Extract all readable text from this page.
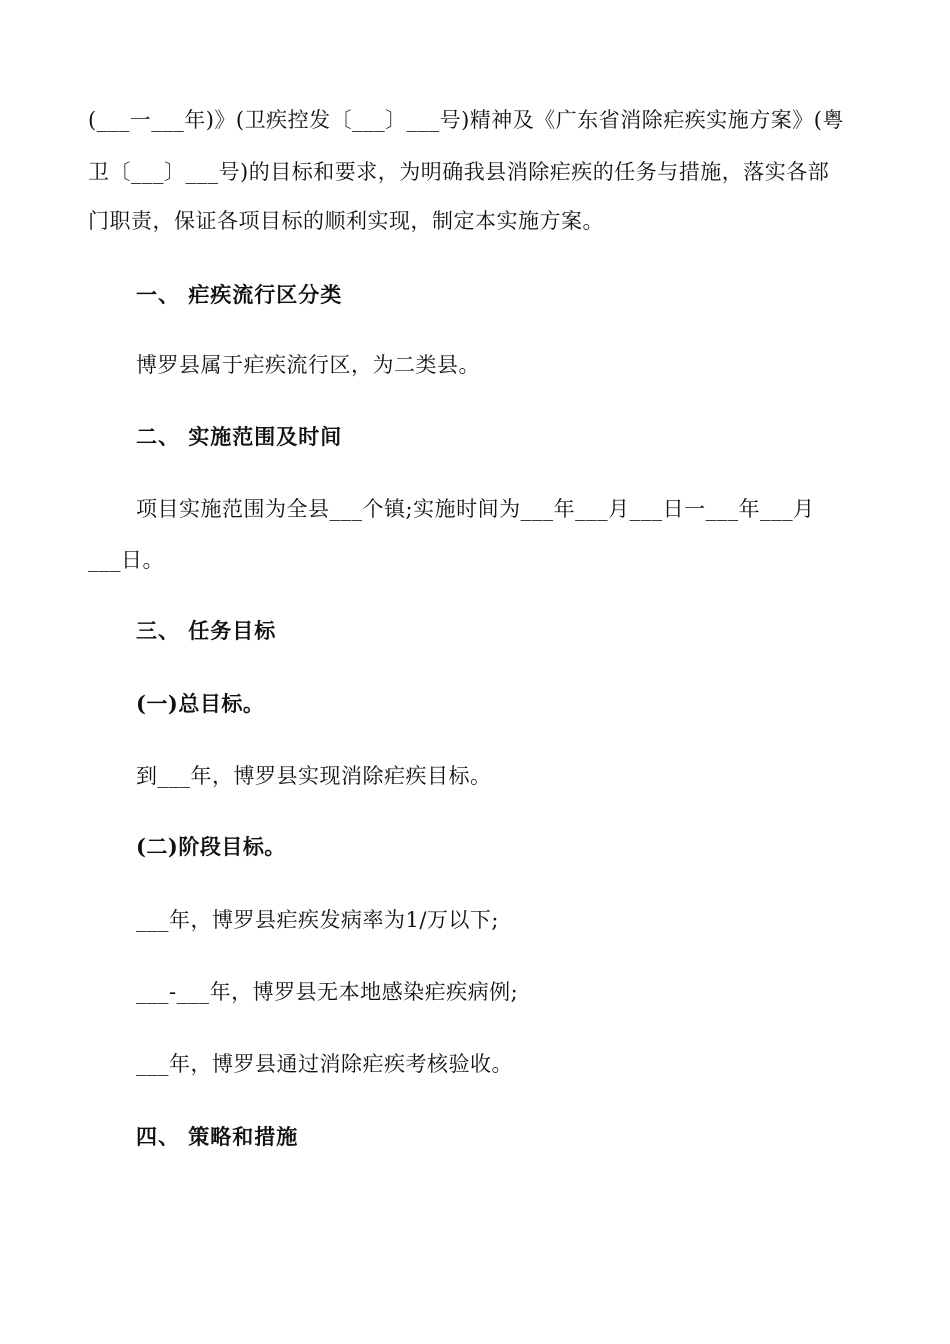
(___一___年)》(卫疾控发〔___〕___号)精神及《广东省消除疟疾实施方案》(粤
卫〔___〕___号)的目标和要求，为明确我县消除疟疾的任务与措施，落实各部
门职责，保证各项目标的顺利实现，制定本实施方案。
一、 疟疾流行区分类
博罗县属于疟疾流行区，为二类县。
二、 实施范围及时间
项目实施范围为全县___个镇;实施时间为___年___月___日一___年___月
___日。
三、 任务目标
(一)总目标。
到___年，博罗县实现消除疟疾目标。
(二)阶段目标。
___年，博罗县疟疾发病率为1/万以下;
___-___年，博罗县无本地感染疟疾病例;
___年，博罗县通过消除疟疾考核验收。
四、 策略和措施
